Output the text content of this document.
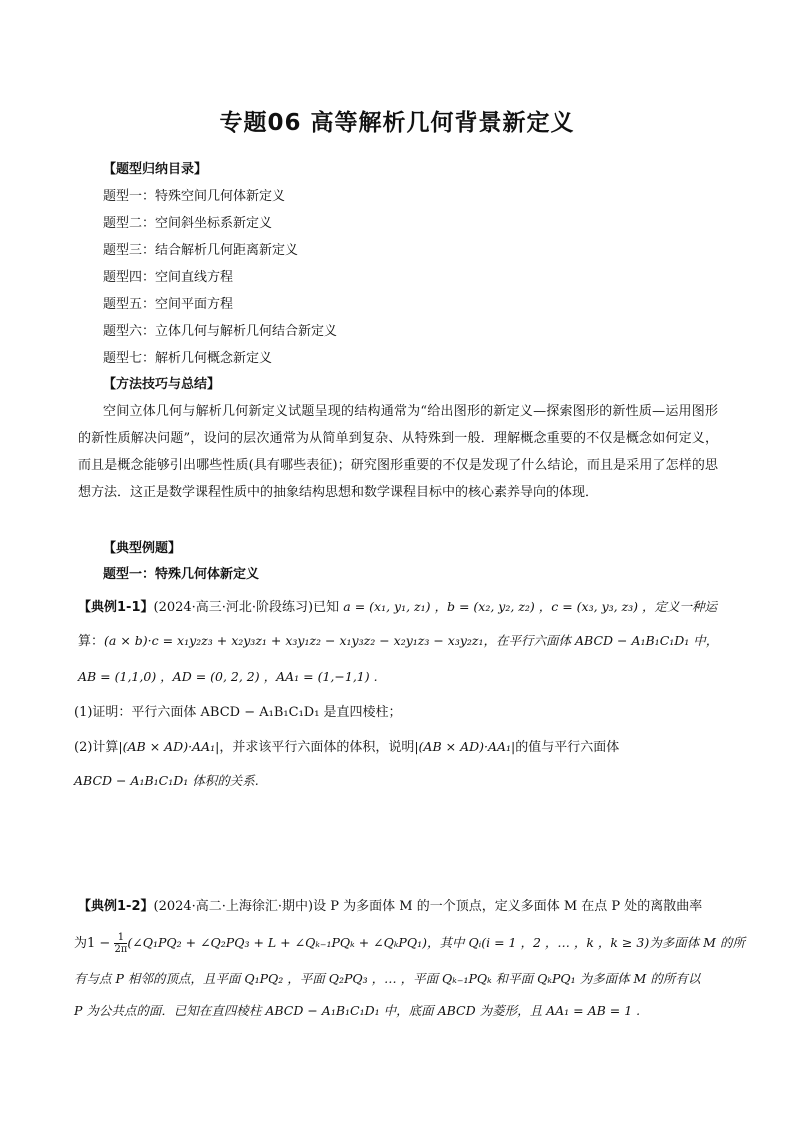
专题06 高等解析几何背景新定义
【题型归纳目录】
题型一：特殊空间几何体新定义
题型二：空间斜坐标系新定义
题型三：结合解析几何距离新定义
题型四：空间直线方程
题型五：空间平面方程
题型六：立体几何与解析几何结合新定义
题型七：解析几何概念新定义
【方法技巧与总结】
空间立体几何与解析几何新定义试题呈现的结构通常为“给出图形的新定义—探索图形的新性质—运用图形的新性质解决问题”，设问的层次通常为从简单到复杂、从特殊到一般．理解概念重要的不仅是概念如何定义，而且是概念能够引出哪些性质(具有哪些表征)；研究图形重要的不仅是发现了什么结论，而且是采用了怎样的思想方法．这正是数学课程性质中的抽象结构思想和数学课程目标中的核心素养导向的体现．
【典型例题】
题型一：特殊几何体新定义
【典例1-1】(2024·高三·河北·阶段练习)已知 a = (x₁, y₁, z₁) ，b = (x₂, y₂, z₂) ，c = (x₃, y₃, z₃) ，定义一种运
算：(a × b)·c = x₁y₂z₃ + x₂y₃z₁ + x₃y₁z₂ − x₁y₃z₂ − x₂y₁z₃ − x₃y₂z₁，在平行六面体 ABCD − A₁B₁C₁D₁ 中，
AB = (1,1,0) ，AD = (0, 2, 2) ，AA₁ = (1,−1,1) .
(1)证明：平行六面体 ABCD − A₁B₁C₁D₁ 是直四棱柱；
(2)计算|(AB × AD)·AA₁|，并求该平行六面体的体积，说明|(AB × AD)·AA₁|的值与平行六面体
ABCD − A₁B₁C₁D₁ 体积的关系.
【典例1-2】(2024·高二·上海徐汇·期中)设 P 为多面体 M 的一个顶点，定义多面体 M 在点 P 处的离散曲率
为$1 - \frac{1}{2\pi}$ (∠Q₁PQ₂ + ∠Q₂PQ₃ + L + ∠Qₖ₋₁PQₖ + ∠QₖPQ₁)，其中 Qᵢ(i = 1 ，2 ，… ，k ，k ≥ 3)为多面体 M 的所
有与点 P 相邻的顶点，且平面 Q₁PQ₂ ，平面 Q₂PQ₃ ，… ，平面 Qₖ₋₁PQₖ 和平面 QₖPQ₁ 为多面体 M 的所有以
P 为公共点的面．已知在直四棱柱 ABCD − A₁B₁C₁D₁ 中，底面 ABCD 为菱形，且 AA₁ = AB = 1 .
